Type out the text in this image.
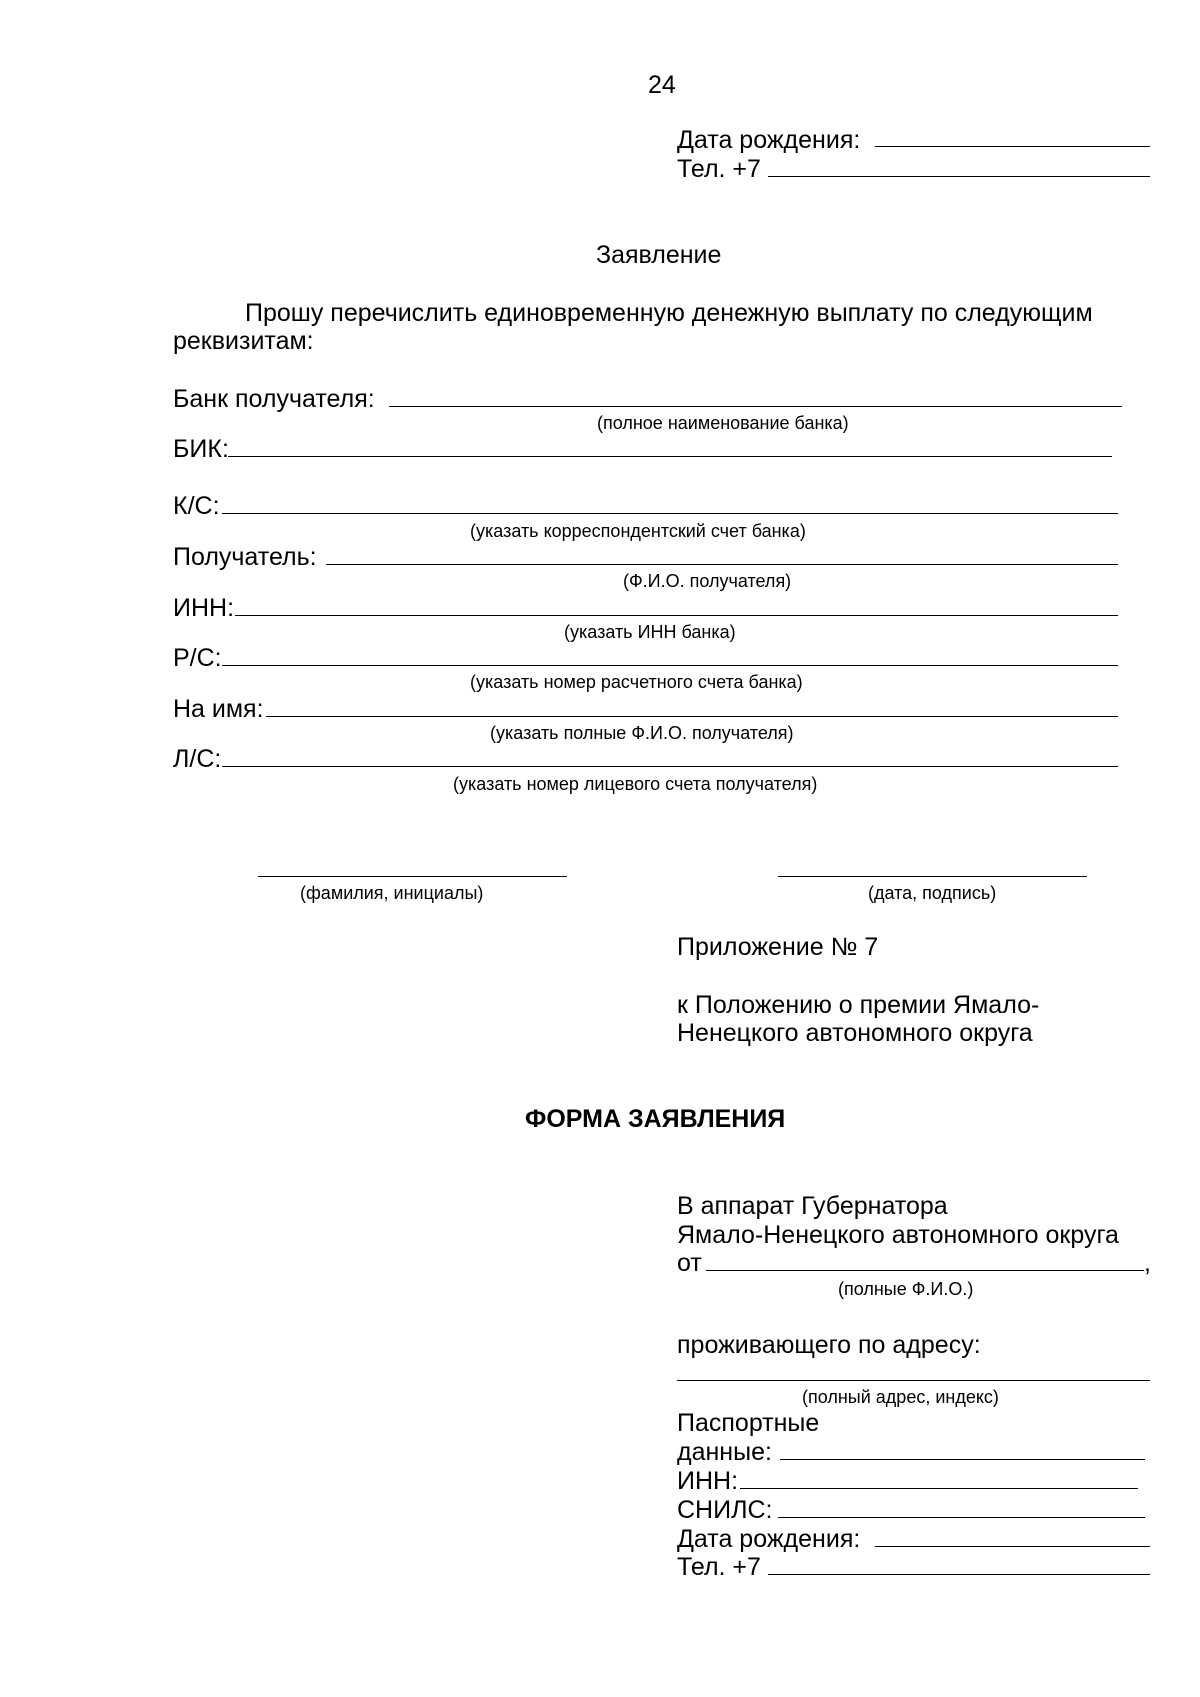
24
Дата рождения:
Тел. +7
Заявление
Прошу перечислить единовременную денежную выплату по следующим
реквизитам:
Банк получателя:
(полное наименование банка)
БИК:
К/С:
(указать корреспондентский счет банка)
Получатель:
(Ф.И.О. получателя)
ИНН:
(указать ИНН банка)
Р/С:
(указать номер расчетного счета банка)
На имя:
(указать полные Ф.И.О. получателя)
Л/С:
(указать номер лицевого счета получателя)
(фамилия, инициалы)	(дата, подпись)
Приложение № 7
к Положению о премии Ямало-
Ненецкого автономного округа
ФОРМА ЗАЯВЛЕНИЯ
В аппарат Губернатора
Ямало-Ненецкого автономного округа
от	,
(полные Ф.И.О.)
проживающего по адресу:
(полный адрес, индекс)
Паспортные
данные:
ИНН:
СНИЛС:
Дата рождения:
Тел. +7
